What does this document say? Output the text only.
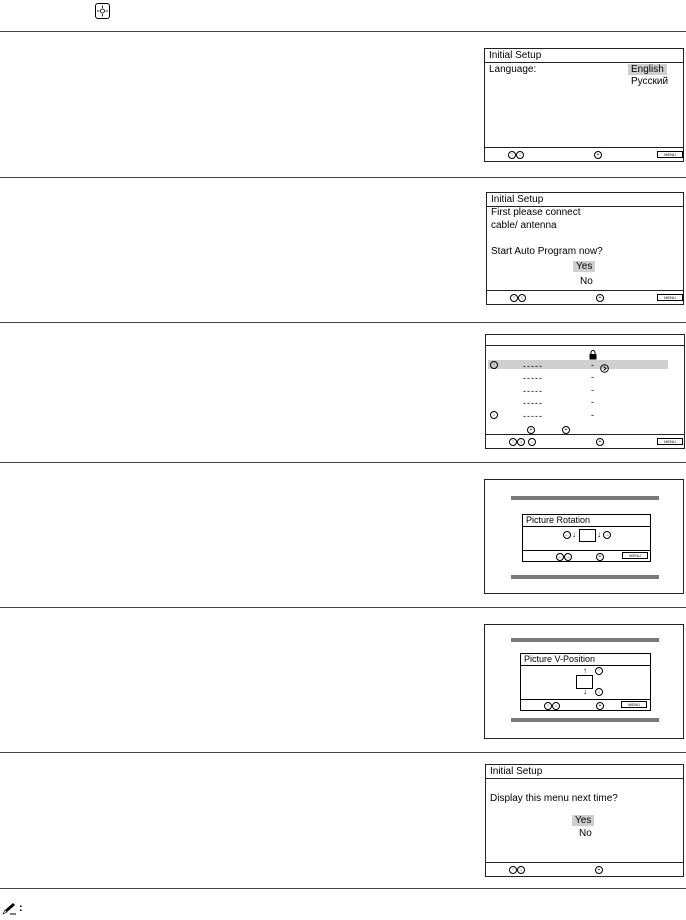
Initial Setup
Language:	English
Русский
↑ ↓	+	MENU
Initial Setup
First please connect
cable/ antenna
Start Auto Program now?
Yes
No
↑ ↓	+	MENU
↑
↓
-----	-
-----	-
-----	-
-----	-
-----	-
+	+
↑ ↓ →	+	MENU
Picture Rotation
← ↓	↓ →
← →	+	MENU
Picture V-Position
↑	↑
↓	↓
↑ ↓	+	MENU
Initial Setup
Display this menu next time?
Yes
No
↑ ↓	+
:
